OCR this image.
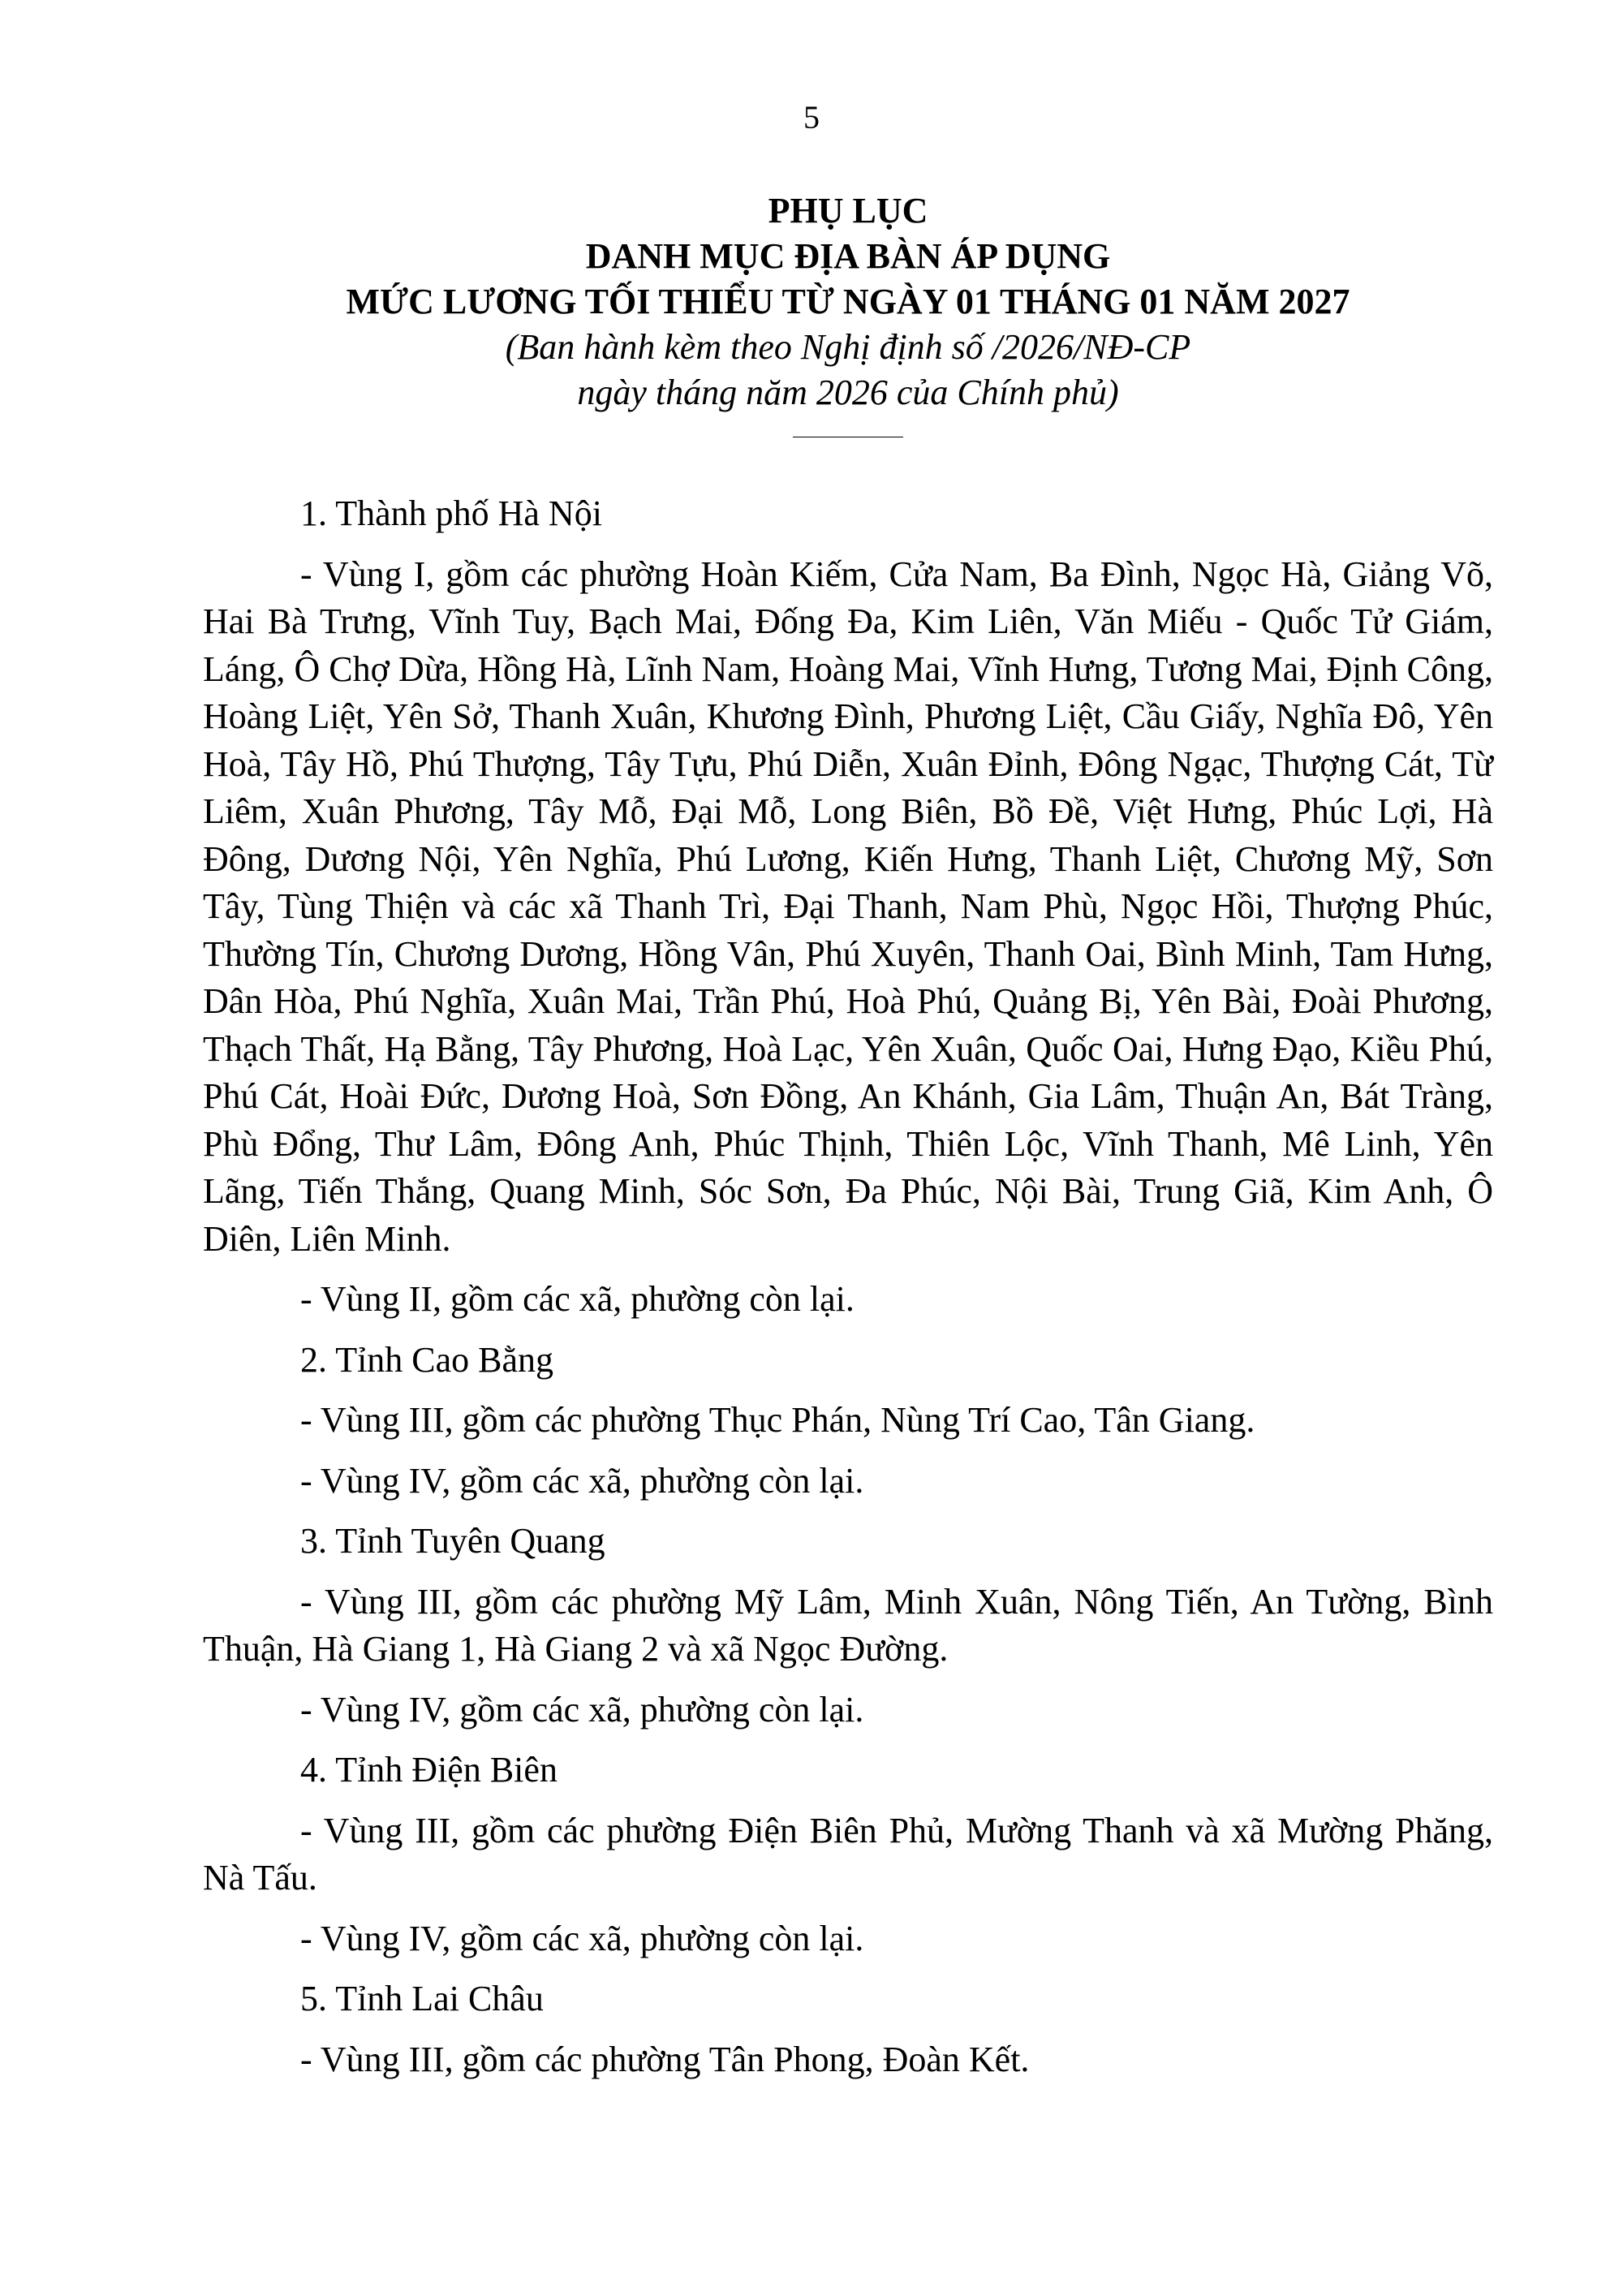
5
PHỤ LỤC
DANH MỤC ĐỊA BÀN ÁP DỤNG
MỨC LƯƠNG TỐI THIỂU TỪ NGÀY 01 THÁNG 01 NĂM 2027
(Ban hành kèm theo Nghị định số /2026/NĐ-CP
ngày tháng năm 2026 của Chính phủ)

1. Thành phố Hà Nội

- Vùng I, gồm các phường Hoàn Kiếm, Cửa Nam, Ba Đình, Ngọc Hà, Giảng Võ, Hai Bà Trưng, Vĩnh Tuy, Bạch Mai, Đống Đa, Kim Liên, Văn Miếu - Quốc Tử Giám, Láng, Ô Chợ Dừa, Hồng Hà, Lĩnh Nam, Hoàng Mai, Vĩnh Hưng, Tương Mai, Định Công, Hoàng Liệt, Yên Sở, Thanh Xuân, Khương Đình, Phương Liệt, Cầu Giấy, Nghĩa Đô, Yên Hoà, Tây Hồ, Phú Thượng, Tây Tựu, Phú Diễn, Xuân Đỉnh, Đông Ngạc, Thượng Cát, Từ Liêm, Xuân Phương, Tây Mỗ, Đại Mỗ, Long Biên, Bồ Đề, Việt Hưng, Phúc Lợi, Hà Đông, Dương Nội, Yên Nghĩa, Phú Lương, Kiến Hưng, Thanh Liệt, Chương Mỹ, Sơn Tây, Tùng Thiện và các xã Thanh Trì, Đại Thanh, Nam Phù, Ngọc Hồi, Thượng Phúc, Thường Tín, Chương Dương, Hồng Vân, Phú Xuyên, Thanh Oai, Bình Minh, Tam Hưng, Dân Hòa, Phú Nghĩa, Xuân Mai, Trần Phú, Hoà Phú, Quảng Bị, Yên Bài, Đoài Phương, Thạch Thất, Hạ Bằng, Tây Phương, Hoà Lạc, Yên Xuân, Quốc Oai, Hưng Đạo, Kiều Phú, Phú Cát, Hoài Đức, Dương Hoà, Sơn Đồng, An Khánh, Gia Lâm, Thuận An, Bát Tràng, Phù Đổng, Thư Lâm, Đông Anh, Phúc Thịnh, Thiên Lộc, Vĩnh Thanh, Mê Linh, Yên Lãng, Tiến Thắng, Quang Minh, Sóc Sơn, Đa Phúc, Nội Bài, Trung Giã, Kim Anh, Ô Diên, Liên Minh.

- Vùng II, gồm các xã, phường còn lại.

2. Tỉnh Cao Bằng

- Vùng III, gồm các phường Thục Phán, Nùng Trí Cao, Tân Giang.

- Vùng IV, gồm các xã, phường còn lại.

3. Tỉnh Tuyên Quang

- Vùng III, gồm các phường Mỹ Lâm, Minh Xuân, Nông Tiến, An Tường, Bình Thuận, Hà Giang 1, Hà Giang 2 và xã Ngọc Đường.

- Vùng IV, gồm các xã, phường còn lại.

4. Tỉnh Điện Biên

- Vùng III, gồm các phường Điện Biên Phủ, Mường Thanh và xã Mường Phăng, Nà Tấu.

- Vùng IV, gồm các xã, phường còn lại.

5. Tỉnh Lai Châu

- Vùng III, gồm các phường Tân Phong, Đoàn Kết.
